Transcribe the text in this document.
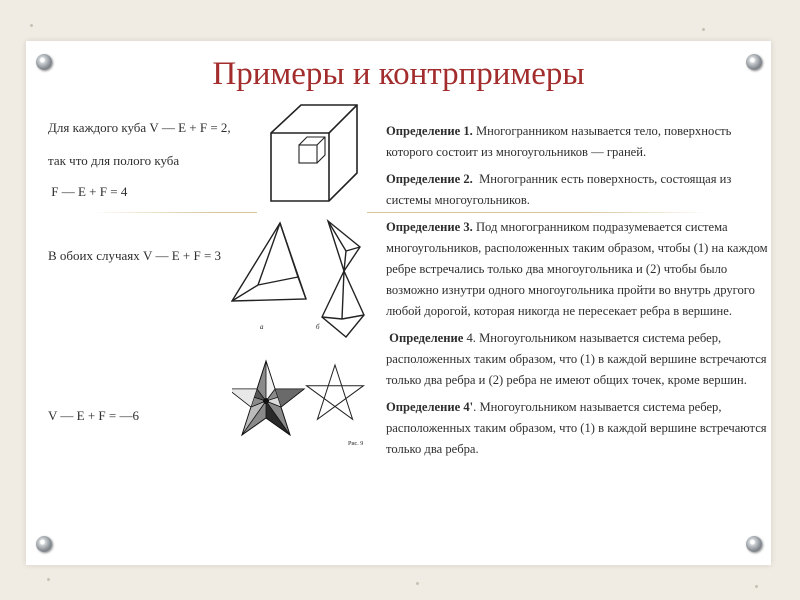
Примеры и контрпримеры
Для каждого куба V — E + F = 2,
так что для полого куба
F — E + F = 4
В обоих случаях V — E + F = 3
V — E + F = —6
a	б
Рис. 9

Определение 1. Многогранником называется тело, поверхность которого состоит из многоугольников — граней.

Определение 2.  Многогранник есть поверхность, состоящая из системы многоугольников.

Определение 3. Под многогранником подразумевается система многоугольников, расположенных таким образом, чтобы (1) на каждом ребре встречались только два многоугольника и (2) чтобы было возможно изнутри одного многоугольника пройти во внутрь другого любой дорогой, которая никогда не пересекает ребра в вершине.

Определение 4. Многоугольником называется система ребер, расположенных таким образом, что (1) в каждой вершине встречаются только два ребра и (2) ребра не имеют общих точек, кроме вершин.

Определение 4'. Многоугольником называется система ребер, расположенных таким образом, что (1) в каждой вершине встречаются только два ребра.
